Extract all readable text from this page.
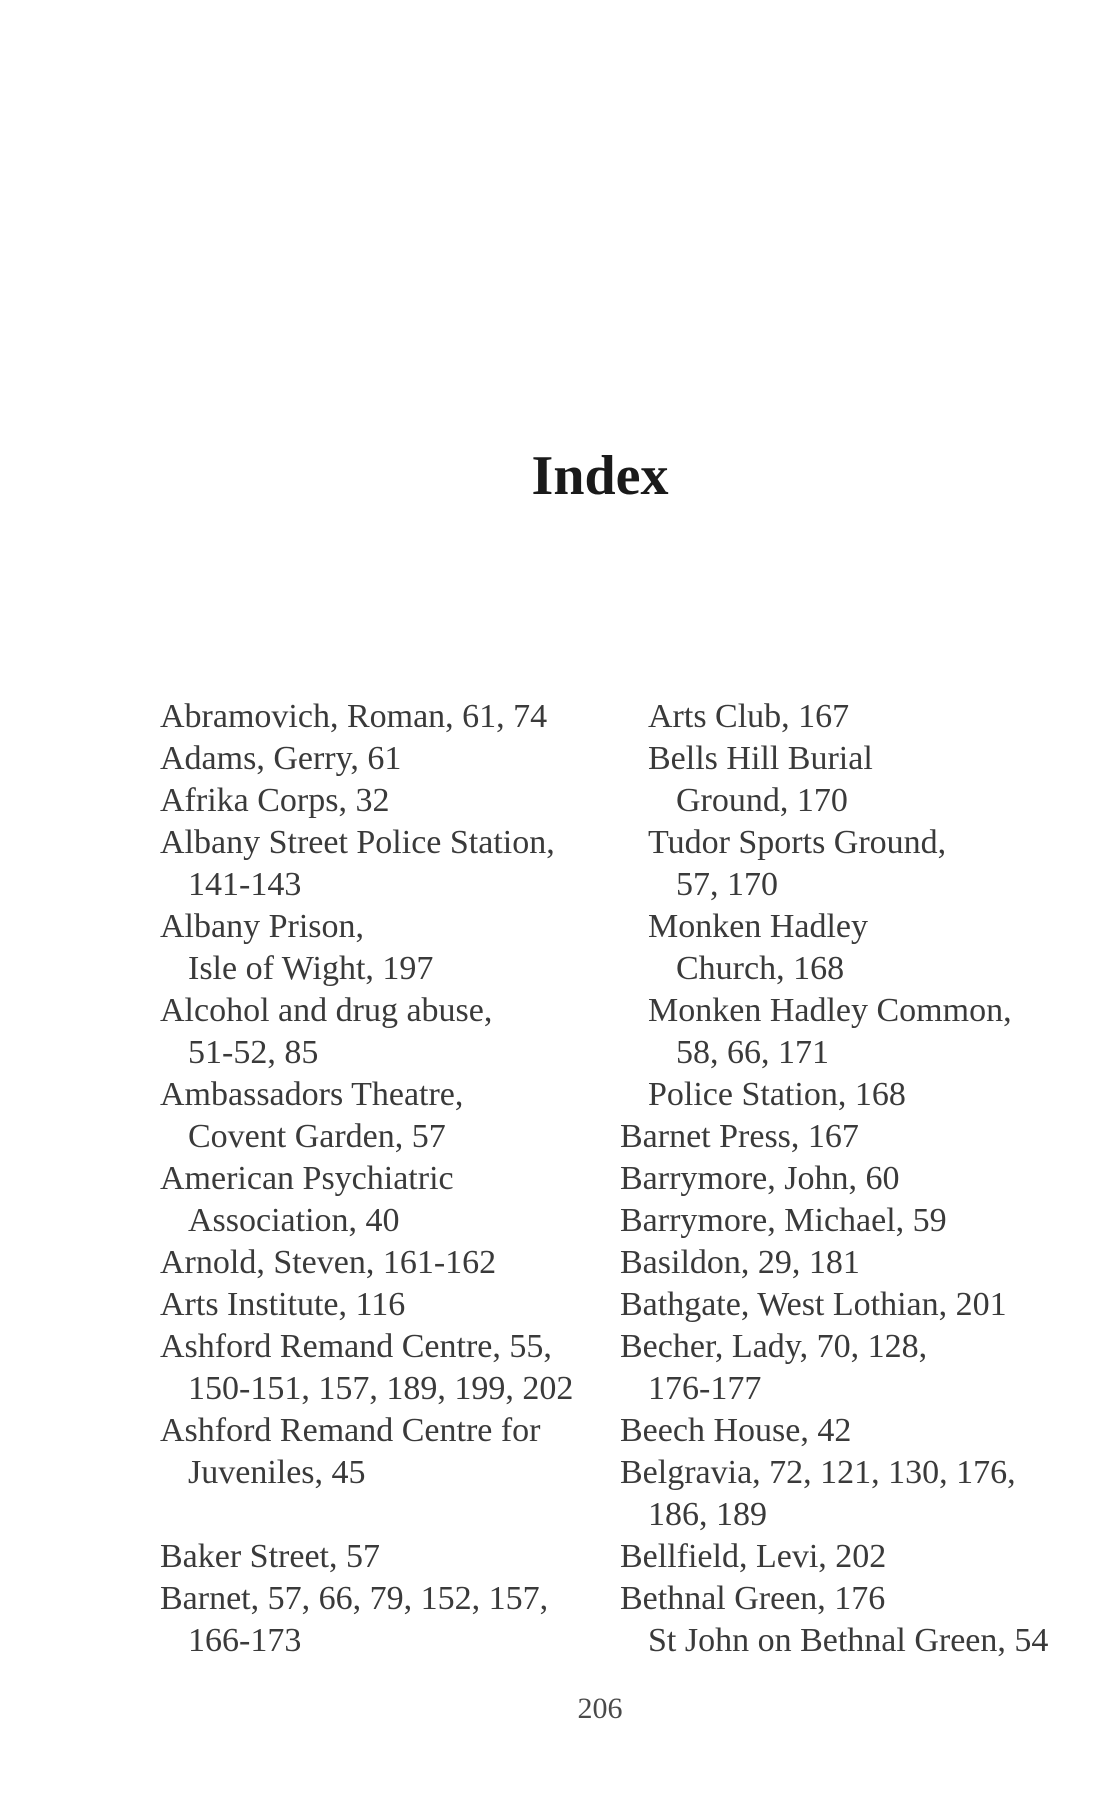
Index
Abramovich, Roman, 61, 74
Adams, Gerry, 61
Afrika Corps, 32
Albany Street Police Station,
141-143
Albany Prison,
Isle of Wight, 197
Alcohol and drug abuse,
51-52, 85
Ambassadors Theatre,
Covent Garden, 57
American Psychiatric
Association, 40
Arnold, Steven, 161-162
Arts Institute, 116
Ashford Remand Centre, 55,
150-151, 157, 189, 199, 202
Ashford Remand Centre for
Juveniles, 45
Baker Street, 57
Barnet, 57, 66, 79, 152, 157,
166-173
Arts Club, 167
Bells Hill Burial
Ground, 170
Tudor Sports Ground,
57, 170
Monken Hadley
Church, 168
Monken Hadley Common,
58, 66, 171
Police Station, 168
Barnet Press, 167
Barrymore, John, 60
Barrymore, Michael, 59
Basildon, 29, 181
Bathgate, West Lothian, 201
Becher, Lady, 70, 128,
176-177
Beech House, 42
Belgravia, 72, 121, 130, 176,
186, 189
Bellfield, Levi, 202
Bethnal Green, 176
St John on Bethnal Green, 54
206
